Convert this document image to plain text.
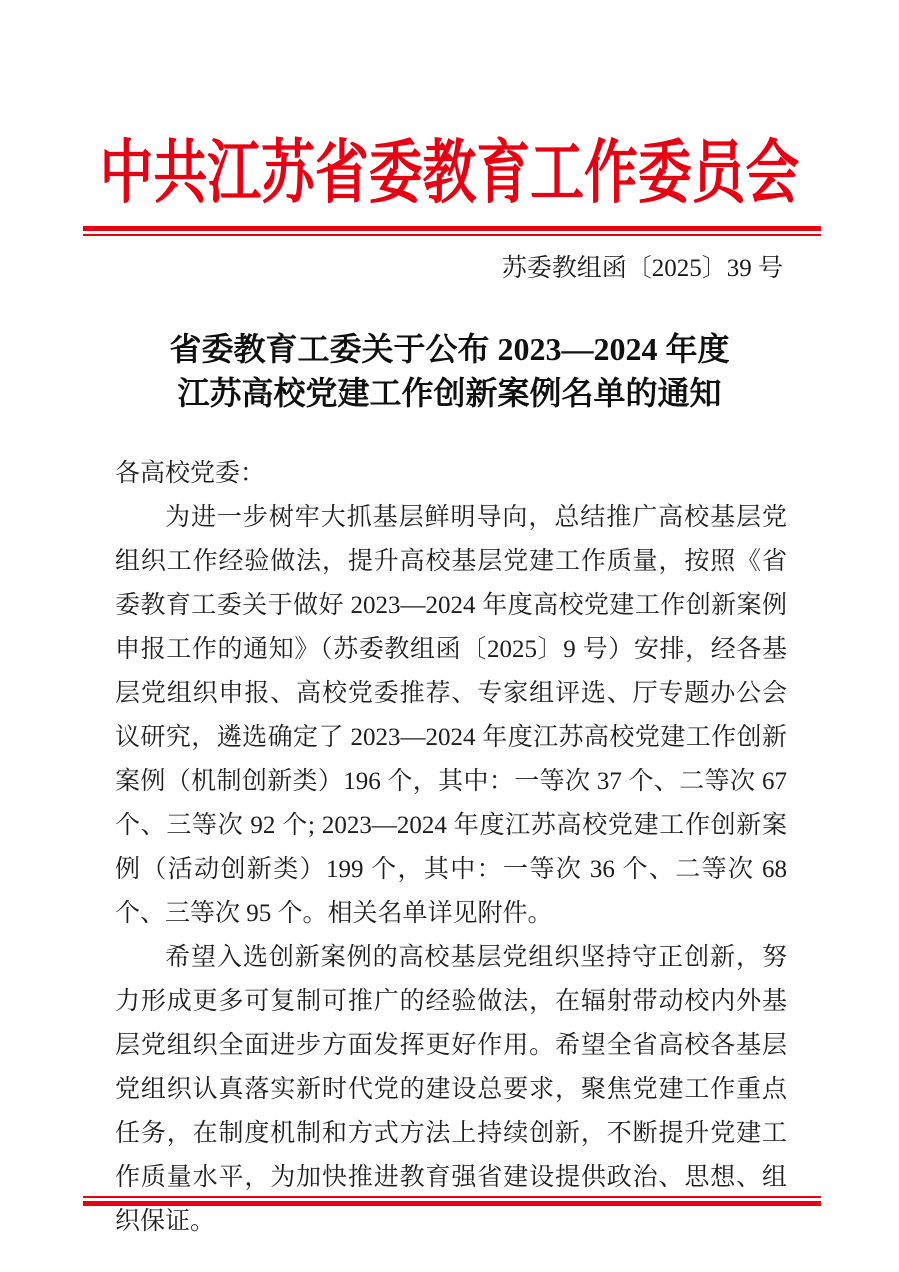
中共江苏省委教育工作委员会
苏委教组函〔2025〕39 号
省委教育工委关于公布 2023—2024 年度
江苏高校党建工作创新案例名单的通知

各高校党委：

为进一步树牢大抓基层鲜明导向，总结推广高校基层党组织工作经验做法，提升高校基层党建工作质量，按照《省委教育工委关于做好 2023—2024 年度高校党建工作创新案例申报工作的通知》（苏委教组函〔2025〕9 号）安排，经各基层党组织申报、高校党委推荐、专家组评选、厅专题办公会议研究，遴选确定了 2023—2024 年度江苏高校党建工作创新案例（机制创新类）196 个，其中：一等次 37 个、二等次 67 个、三等次 92 个; 2023—2024 年度江苏高校党建工作创新案例（活动创新类）199 个，其中：一等次 36 个、二等次 68 个、三等次 95 个。相关名单详见附件。

希望入选创新案例的高校基层党组织坚持守正创新，努力形成更多可复制可推广的经验做法，在辐射带动校内外基层党组织全面进步方面发挥更好作用。希望全省高校各基层党组织认真落实新时代党的建设总要求，聚焦党建工作重点任务，在制度机制和方式方法上持续创新，不断提升党建工作质量水平，为加快推进教育强省建设提供政治、思想、组织保证。
